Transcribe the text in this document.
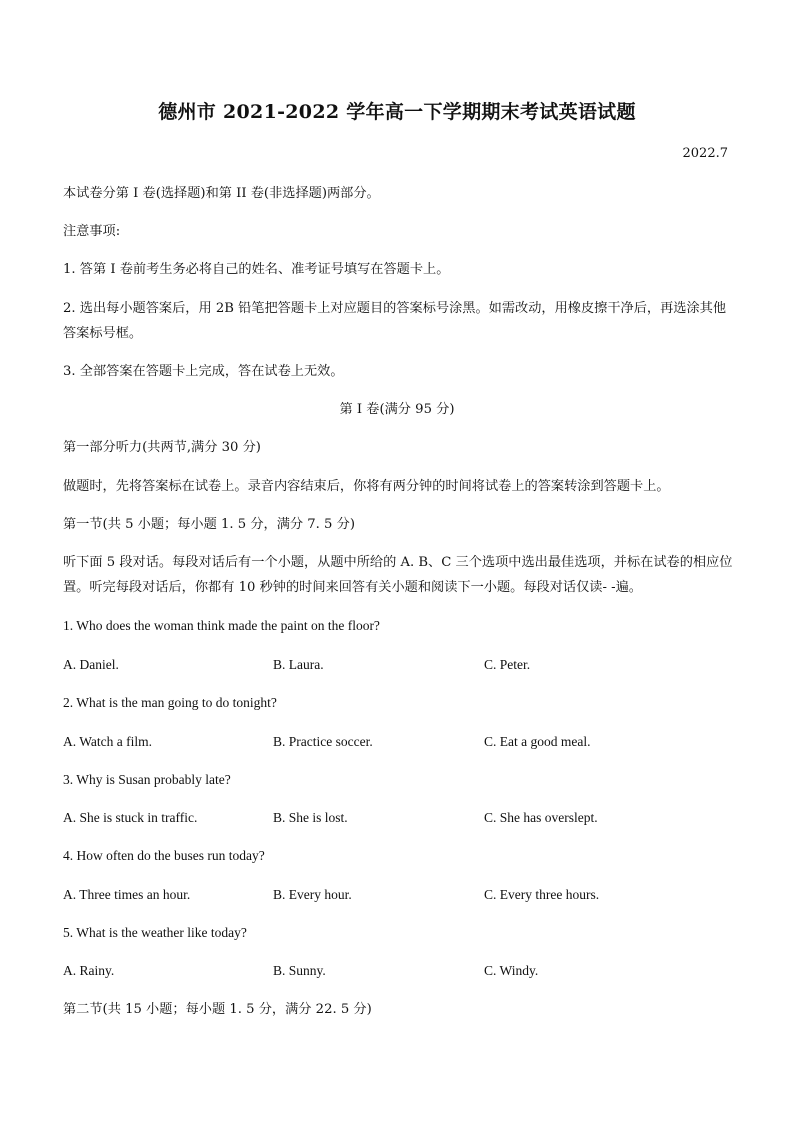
德州市 2021-2022 学年高一下学期期末考试英语试题
2022.7
本试卷分第 I 卷(选择题)和第 II 卷(非选择题)两部分。
注意事项:
1. 答第 I 卷前考生务必将自己的姓名、准考证号填写在答题卡上。
2. 选出每小题答案后，用 2B 铅笔把答题卡上对应题目的答案标号涂黑。如需改动，用橡皮擦干净后，再选涂其他答案标号框。
3. 全部答案在答题卡上完成，答在试卷上无效。
第 I 卷(满分 95 分)
第一部分听力(共两节,满分 30 分)
做题时，先将答案标在试卷上。录音内容结束后，你将有两分钟的时间将试卷上的答案转涂到答题卡上。
第一节(共 5 小题；每小题 1. 5 分，满分 7. 5 分)
听下面 5 段对话。每段对话后有一个小题，从题中所给的 A. B、C 三个选项中选出最佳选项，并标在试卷的相应位置。听完每段对话后，你都有 10 秒钟的时间来回答有关小题和阅读下一小题。每段对话仅读- -遍。
1. Who does the woman think made the paint on the floor?
A. Daniel.	B. Laura.	C. Peter.
2. What is the man going to do tonight?
A. Watch a film.	B. Practice soccer.	C. Eat a good meal.
3. Why is Susan probably late?
A. She is stuck in traffic.	B. She is lost.	C. She has overslept.
4. How often do the buses run today?
A. Three times an hour.	B. Every hour.	C. Every three hours.
5. What is the weather like today?
A. Rainy.	B. Sunny.	C. Windy.
第二节(共 15 小题；每小题 1. 5 分，满分 22. 5 分)
